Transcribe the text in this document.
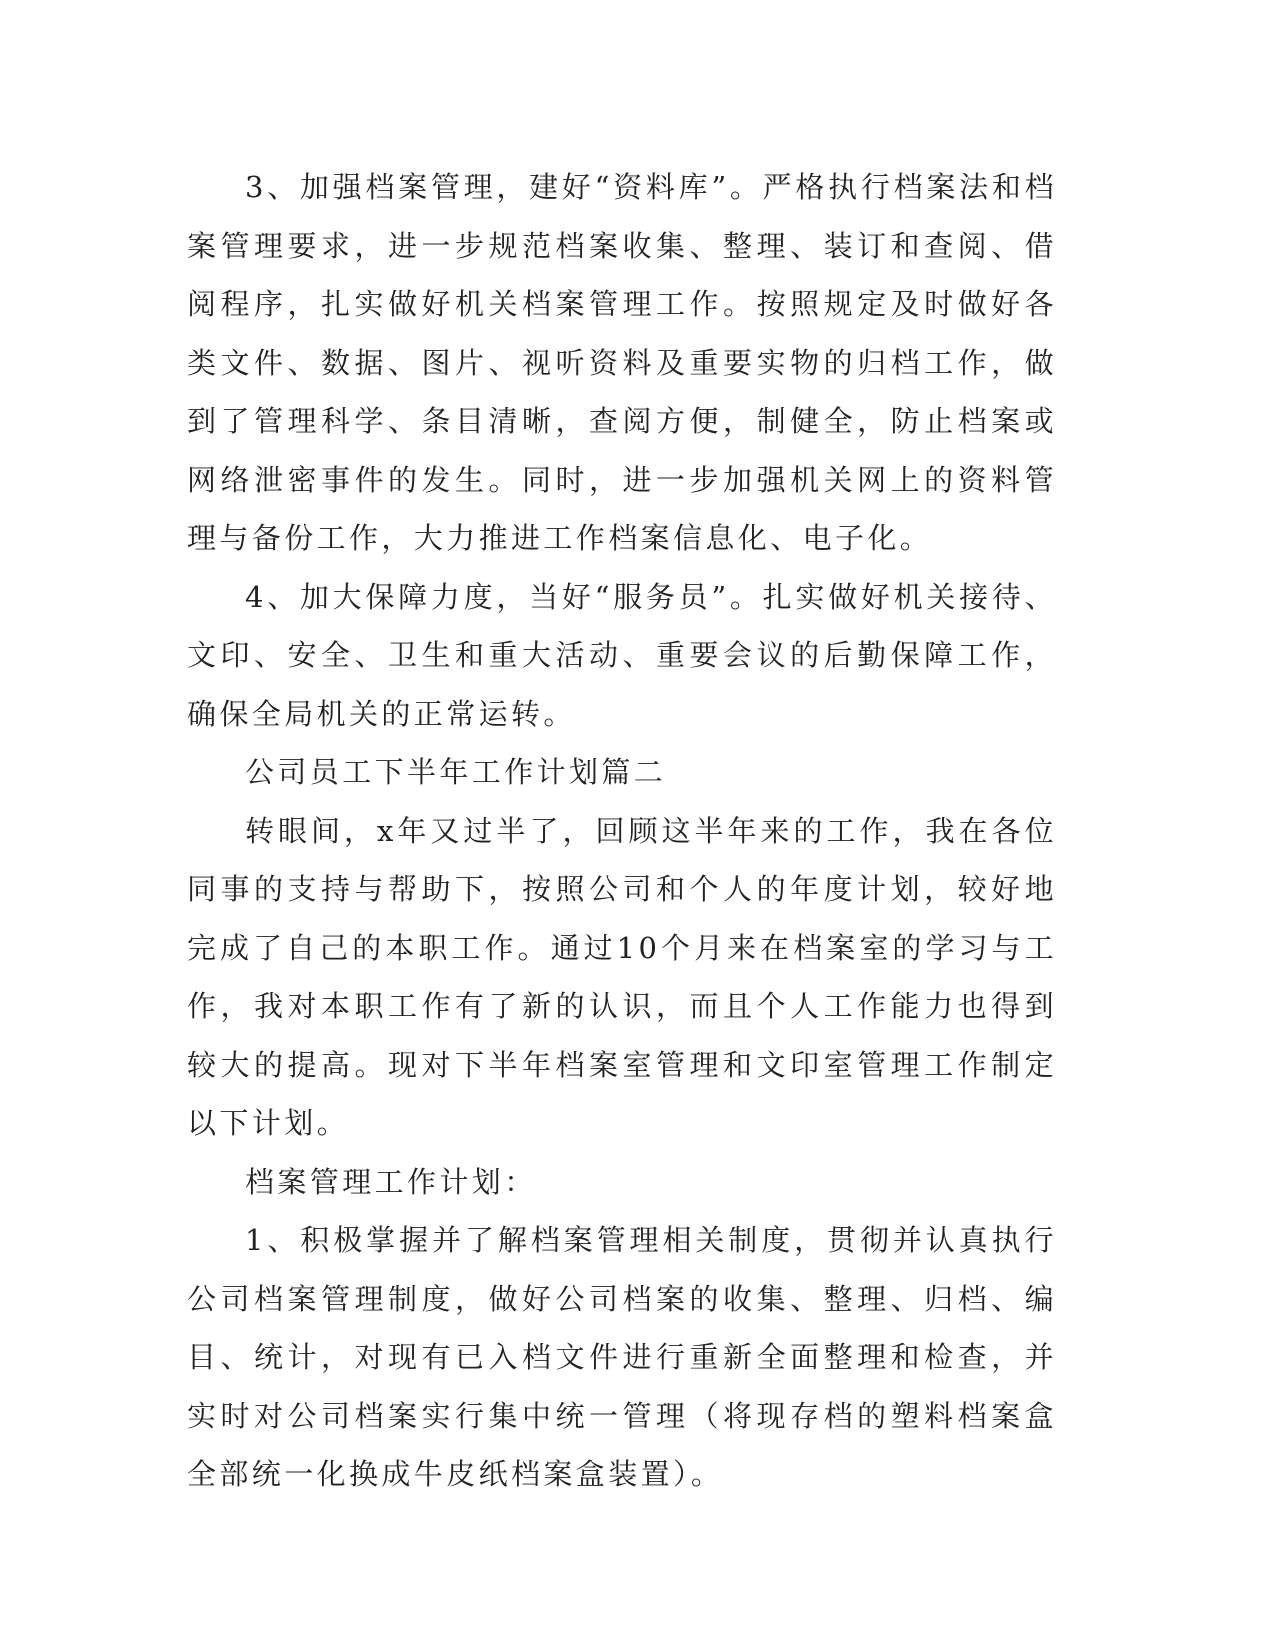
3、加强档案管理，建好“资料库”。严格执行档案法和档案管理要求，进一步规范档案收集、整理、装订和查阅、借阅程序，扎实做好机关档案管理工作。按照规定及时做好各类文件、数据、图片、视听资料及重要实物的归档工作，做到了管理科学、条目清晰，查阅方便，制健全，防止档案或网络泄密事件的发生。同时，进一步加强机关网上的资料管理与备份工作，大力推进工作档案信息化、电子化。

4、加大保障力度，当好“服务员”。扎实做好机关接待、文印、安全、卫生和重大活动、重要会议的后勤保障工作，确保全局机关的正常运转。

公司员工下半年工作计划篇二

转眼间，x年又过半了，回顾这半年来的工作，我在各位同事的支持与帮助下，按照公司和个人的年度计划，较好地完成了自己的本职工作。通过10个月来在档案室的学习与工作，我对本职工作有了新的认识，而且个人工作能力也得到较大的提高。现对下半年档案室管理和文印室管理工作制定以下计划。

档案管理工作计划：

1、积极掌握并了解档案管理相关制度，贯彻并认真执行公司档案管理制度，做好公司档案的收集、整理、归档、编目、统计，对现有已入档文件进行重新全面整理和检查，并实时对公司档案实行集中统一管理（将现存档的塑料档案盒全部统一化换成牛皮纸档案盒装置）。
